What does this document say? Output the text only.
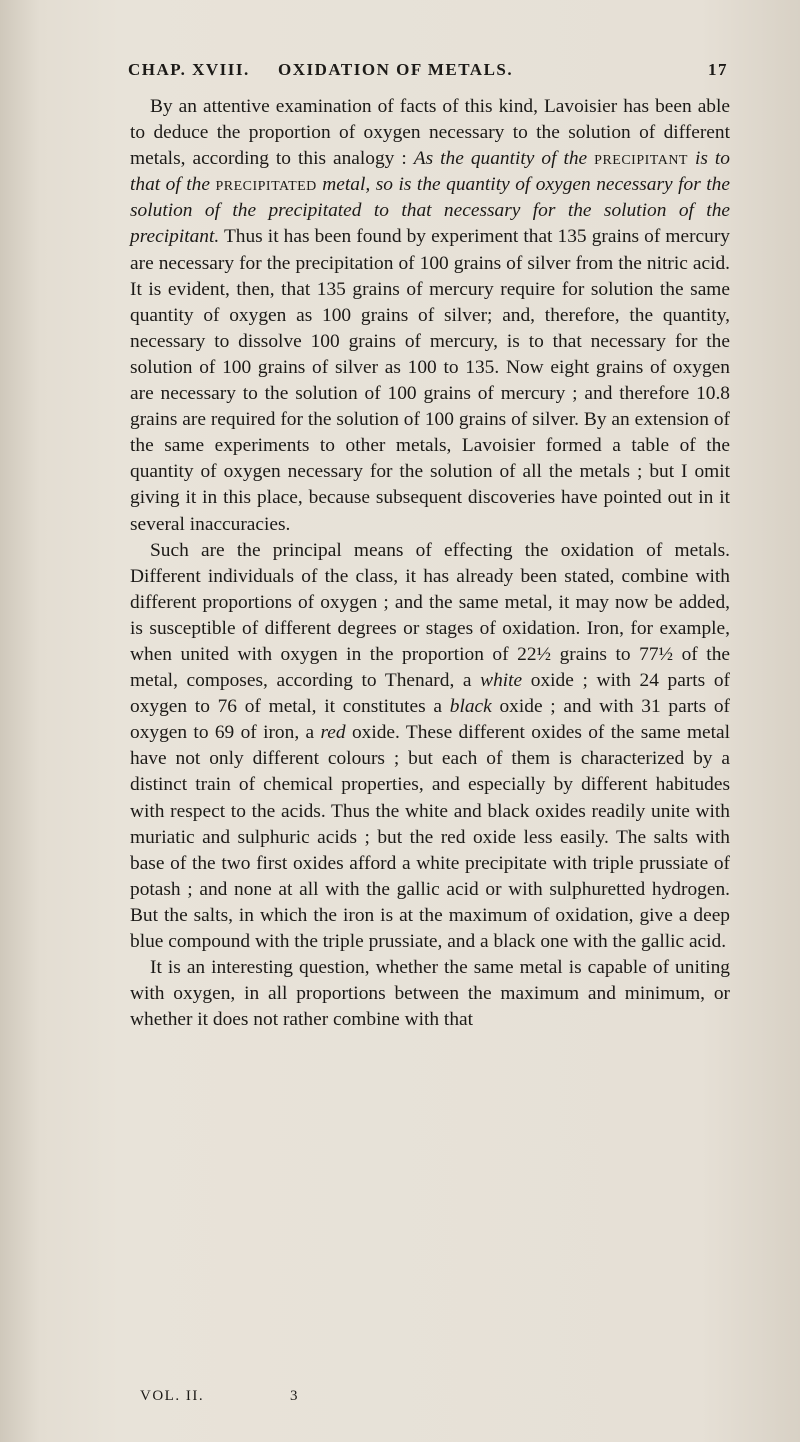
CHAP. XVIII. OXIDATION OF METALS.	17

By an attentive examination of facts of this kind, Lavoisier has been able to deduce the proportion of oxygen necessary to the solution of different metals, according to this analogy : As the quantity of the precipitant is to that of the precipitated metal, so is the quantity of oxygen necessary for the solution of the precipitated to that necessary for the solution of the precipitant. Thus it has been found by experiment that 135 grains of mercury are necessary for the precipitation of 100 grains of silver from the nitric acid. It is evident, then, that 135 grains of mercury require for solution the same quantity of oxygen as 100 grains of silver; and, therefore, the quantity, necessary to dissolve 100 grains of mercury, is to that necessary for the solution of 100 grains of silver as 100 to 135. Now eight grains of oxygen are necessary to the solution of 100 grains of mercury ; and therefore 10.8 grains are required for the solution of 100 grains of silver. By an extension of the same experiments to other metals, Lavoisier formed a table of the quantity of oxygen necessary for the solution of all the metals ; but I omit giving it in this place, because subsequent discoveries have pointed out in it several inaccuracies.

Such are the principal means of effecting the oxidation of metals. Different individuals of the class, it has already been stated, combine with different proportions of oxygen ; and the same metal, it may now be added, is susceptible of different degrees or stages of oxidation. Iron, for example, when united with oxygen in the proportion of 22½ grains to 77½ of the metal, composes, according to Thenard, a white oxide ; with 24 parts of oxygen to 76 of metal, it constitutes a black oxide ; and with 31 parts of oxygen to 69 of iron, a red oxide. These different oxides of the same metal have not only different colours ; but each of them is characterized by a distinct train of chemical properties, and especially by different habitudes with respect to the acids. Thus the white and black oxides readily unite with muriatic and sulphuric acids ; but the red oxide less easily. The salts with base of the two first oxides afford a white precipitate with triple prussiate of potash ; and none at all with the gallic acid or with sulphuretted hydrogen. But the salts, in which the iron is at the maximum of oxidation, give a deep blue compound with the triple prussiate, and a black one with the gallic acid.

It is an interesting question, whether the same metal is capable of uniting with oxygen, in all proportions between the maximum and minimum, or whether it does not rather combine with that

VOL. II.	3
